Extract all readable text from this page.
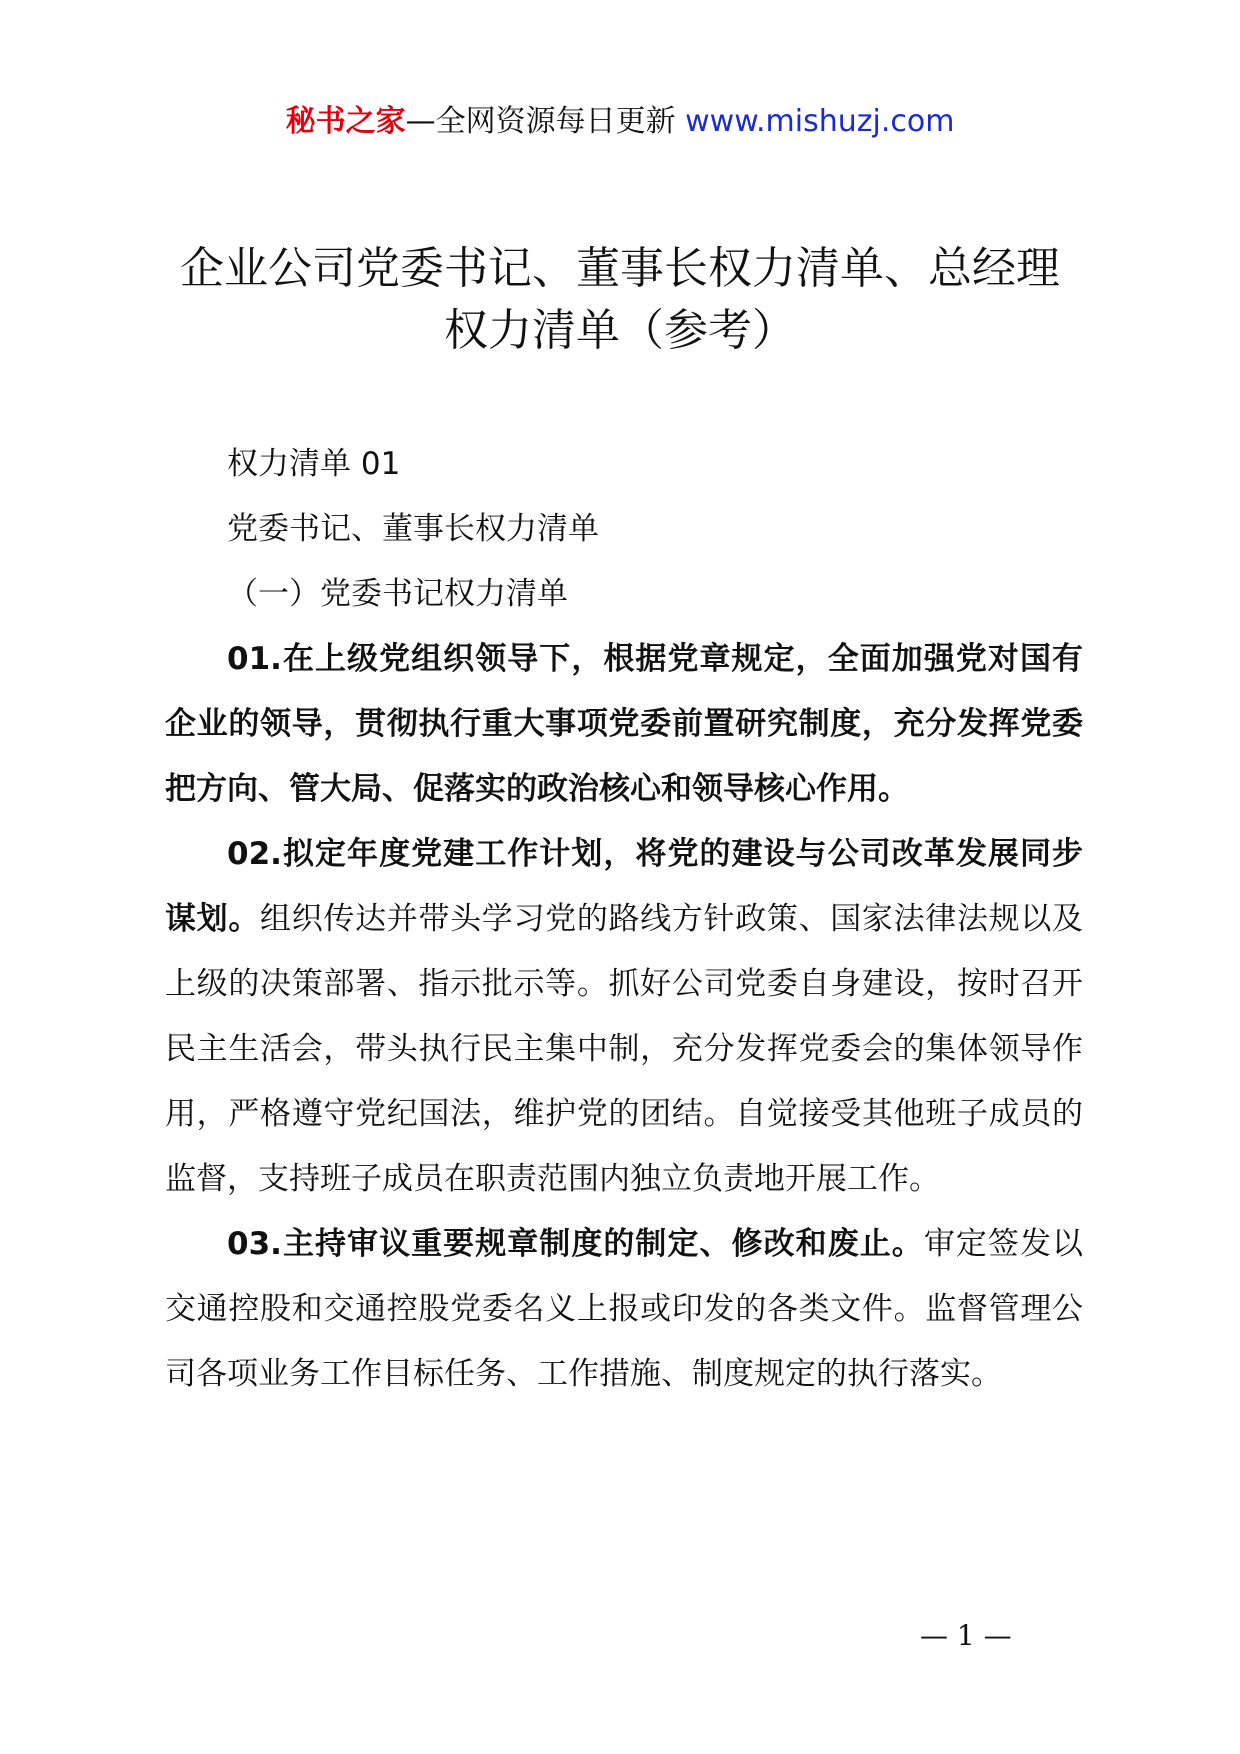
秘书之家—全网资源每日更新 www.mishuzj.com
企业公司党委书记、董事长权力清单、总经理
权力清单（参考）

权力清单 01

党委书记、董事长权力清单

（一）党委书记权力清单

01.在上级党组织领导下，根据党章规定，全面加强党对国有企业的领导，贯彻执行重大事项党委前置研究制度，充分发挥党委把方向、管大局、促落实的政治核心和领导核心作用。

02.拟定年度党建工作计划，将党的建设与公司改革发展同步谋划。组织传达并带头学习党的路线方针政策、国家法律法规以及上级的决策部署、指示批示等。抓好公司党委自身建设，按时召开民主生活会，带头执行民主集中制，充分发挥党委会的集体领导作用，严格遵守党纪国法，维护党的团结。自觉接受其他班子成员的监督，支持班子成员在职责范围内独立负责地开展工作。

03.主持审议重要规章制度的制定、修改和废止。审定签发以交通控股和交通控股党委名义上报或印发的各类文件。监督管理公司各项业务工作目标任务、工作措施、制度规定的执行落实。

— 1 —
